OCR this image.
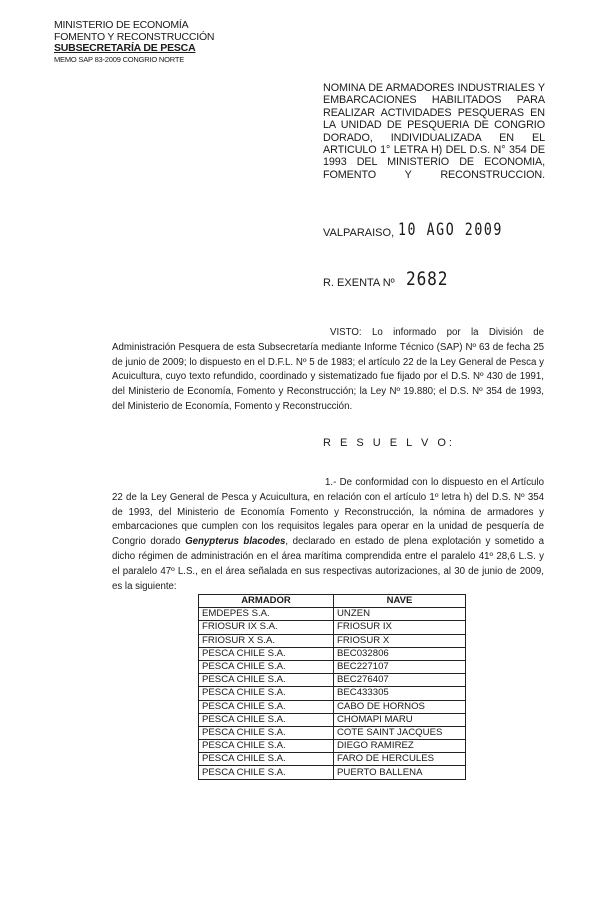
MINISTERIO DE ECONOMÍA
FOMENTO Y RECONSTRUCCIÓN
SUBSECRETARÍA DE PESCA
MEMO SAP 83-2009 CONGRIO NORTE
NOMINA DE ARMADORES INDUSTRIALES Y EMBARCACIONES HABILITADOS PARA REALIZAR ACTIVIDADES PESQUERAS EN LA UNIDAD DE PESQUERIA DE CONGRIO DORADO, INDIVIDUALIZADA EN EL ARTICULO 1° LETRA H) DEL D.S. N° 354 DE 1993 DEL MINISTERIO DE ECONOMIA, FOMENTO Y RECONSTRUCCION.
VALPARAISO, 10 AGO 2009
R. EXENTA Nº 2682
VISTO: Lo informado por la División de Administración Pesquera de esta Subsecretaría mediante Informe Técnico (SAP) Nº 63 de fecha 25 de junio de 2009; lo dispuesto en el D.F.L. Nº 5 de 1983; el artículo 22 de la Ley General de Pesca y Acuicultura, cuyo texto refundido, coordinado y sistematizado fue fijado por el D.S. Nº 430 de 1991, del Ministerio de Economía, Fomento y Reconstrucción; la Ley Nº 19.880; el D.S. Nº 354 de 1993, del Ministerio de Economía, Fomento y Reconstrucción.
R E S U E L V O:
1.- De conformidad con lo dispuesto en el Artículo 22 de la Ley General de Pesca y Acuicultura, en relación con el artículo 1º letra h) del D.S. Nº 354 de 1993, del Ministerio de Economía Fomento y Reconstrucción, la nómina de armadores y embarcaciones que cumplen con los requisitos legales para operar en la unidad de pesquería de Congrio dorado Genypterus blacodes, declarado en estado de plena explotación y sometido a dicho régimen de administración en el área marítima comprendida entre el paralelo 41º 28,6 L.S. y el paralelo 47º L.S., en el área señalada en sus respectivas autorizaciones, al 30 de junio de 2009, es la siguiente:
ARMADOR	NAVE
EMDEPES S.A.	UNZEN
FRIOSUR IX S.A.	FRIOSUR IX
FRIOSUR X S.A.	FRIOSUR X
PESCA CHILE S.A.	BEC032806
PESCA CHILE S.A.	BEC227107
PESCA CHILE S.A.	BEC276407
PESCA CHILE S.A.	BEC433305
PESCA CHILE S.A.	CABO DE HORNOS
PESCA CHILE S.A.	CHOMAPI MARU
PESCA CHILE S.A.	COTE SAINT JACQUES
PESCA CHILE S.A.	DIEGO RAMIREZ
PESCA CHILE S.A.	FARO DE HERCULES
PESCA CHILE S.A.	PUERTO BALLENA
